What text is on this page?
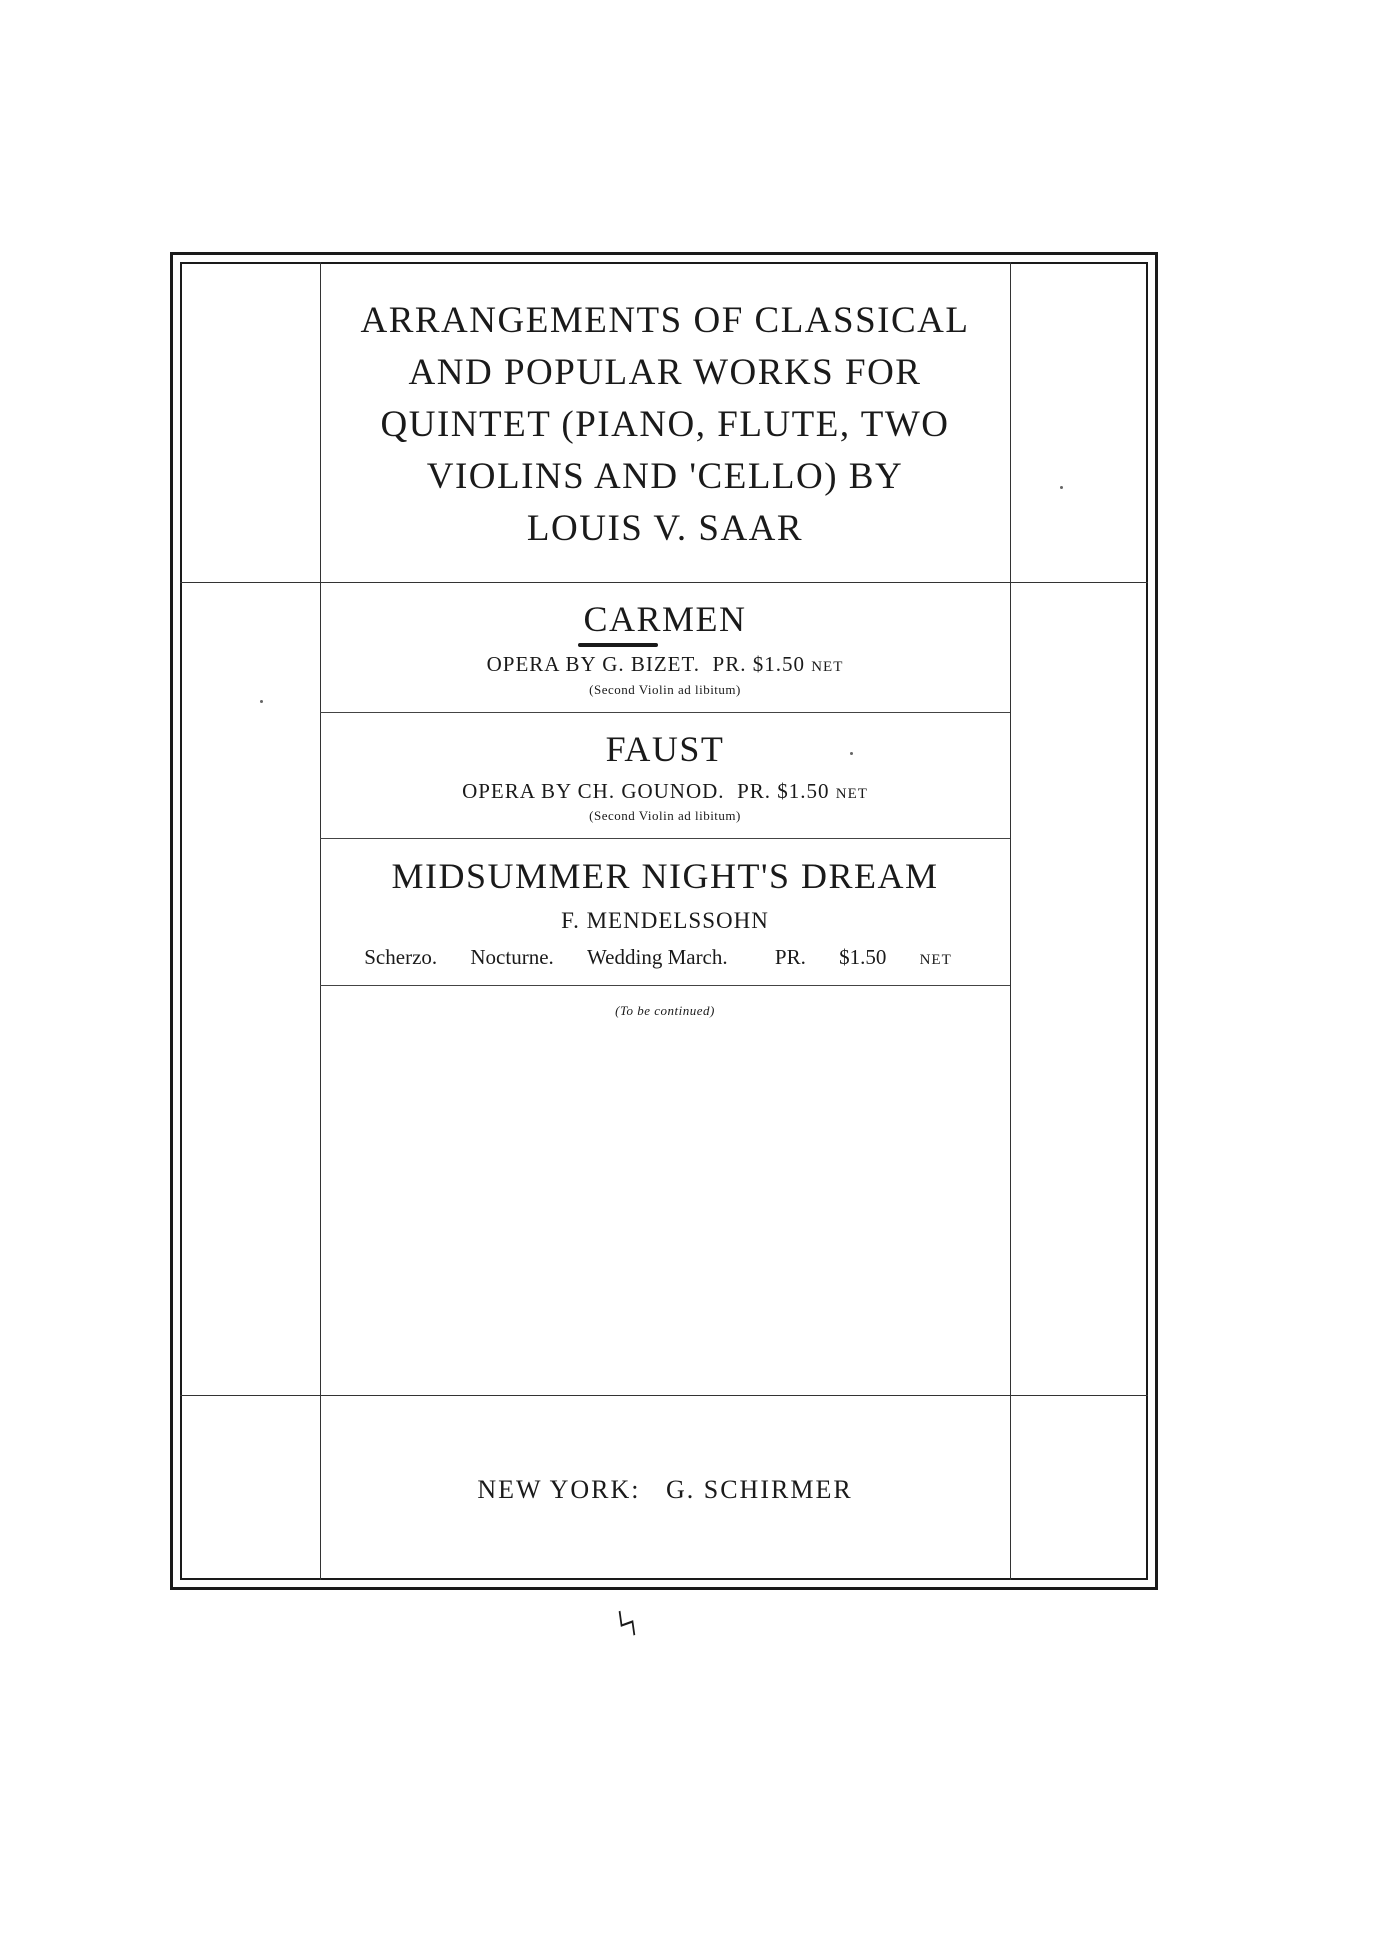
ARRANGEMENTS OF CLASSICAL
AND POPULAR WORKS FOR
QUINTET (PIANO, FLUTE, TWO
VIOLINS AND 'CELLO) BY
LOUIS V. SAAR
CARMEN
OPERA BY G. BIZET. PR. $1.50 NET
(Second Violin ad libitum)
FAUST
OPERA BY CH. GOUNOD. PR. $1.50 NET
(Second Violin ad libitum)
MIDSUMMER NIGHT'S DREAM
F. MENDELSSOHN
Scherzo. Nocturne. Wedding March. PR. $1.50 NET
(To be continued)
NEW YORK:   G. SCHIRMER
ϟ
